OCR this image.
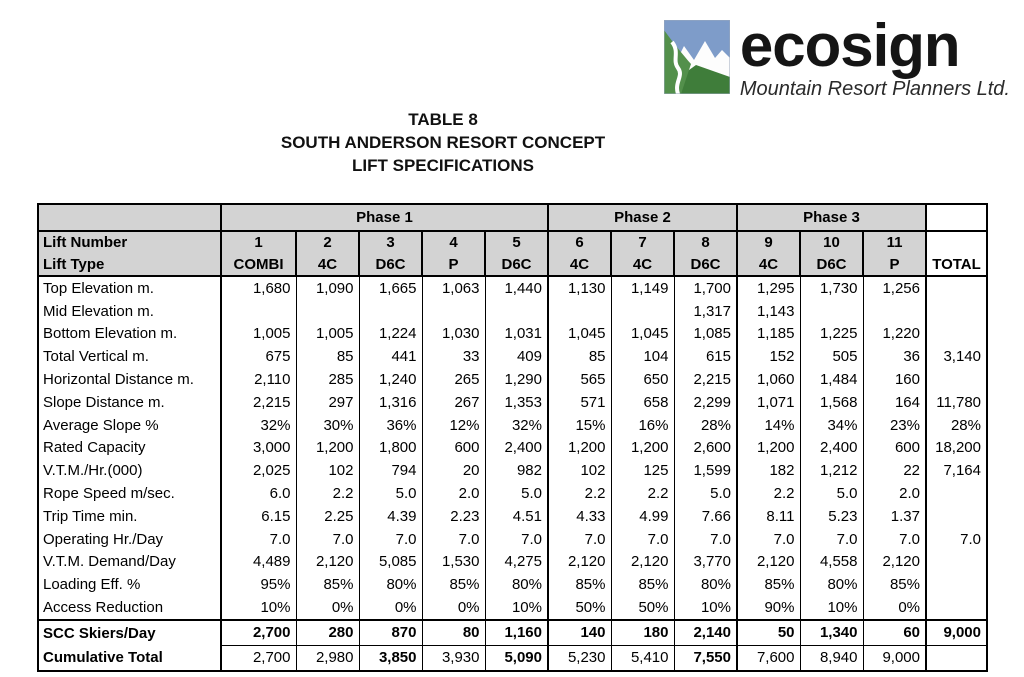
ecosign
Mountain Resort Planners Ltd.
TABLE 8
SOUTH ANDERSON RESORT CONCEPT
LIFT SPECIFICATIONS
	Phase 1					Phase 2			Phase 3			
Lift Number	1	2	3	4	5	6	7	8	9	10	11	TOTAL
Lift Type	COMBI	4C	D6C	P	D6C	4C	4C	D6C	4C	D6C	P	
Top Elevation m.	1,680	1,090	1,665	1,063	1,440	1,130	1,149	1,700	1,295	1,730	1,256	
Mid Elevation m.								1,317	1,143			
Bottom Elevation m.	1,005	1,005	1,224	1,030	1,031	1,045	1,045	1,085	1,185	1,225	1,220	
Total Vertical m.	675	85	441	33	409	85	104	615	152	505	36	3,140
Horizontal Distance m.	2,110	285	1,240	265	1,290	565	650	2,215	1,060	1,484	160	
Slope Distance m.	2,215	297	1,316	267	1,353	571	658	2,299	1,071	1,568	164	11,780
Average Slope %	32%	30%	36%	12%	32%	15%	16%	28%	14%	34%	23%	28%
Rated Capacity	3,000	1,200	1,800	600	2,400	1,200	1,200	2,600	1,200	2,400	600	18,200
V.T.M./Hr.(000)	2,025	102	794	20	982	102	125	1,599	182	1,212	22	7,164
Rope Speed m/sec.	6.0	2.2	5.0	2.0	5.0	2.2	2.2	5.0	2.2	5.0	2.0	
Trip Time min.	6.15	2.25	4.39	2.23	4.51	4.33	4.99	7.66	8.11	5.23	1.37	
Operating Hr./Day	7.0	7.0	7.0	7.0	7.0	7.0	7.0	7.0	7.0	7.0	7.0	7.0
V.T.M. Demand/Day	4,489	2,120	5,085	1,530	4,275	2,120	2,120	3,770	2,120	4,558	2,120	
Loading Eff. %	95%	85%	80%	85%	80%	85%	85%	80%	85%	80%	85%	
Access Reduction	10%	0%	0%	0%	10%	50%	50%	10%	90%	10%	0%	
SCC Skiers/Day	2,700	280	870	80	1,160	140	180	2,140	50	1,340	60	9,000
Cumulative Total	2,700	2,980	3,850	3,930	5,090	5,230	5,410	7,550	7,600	8,940	9,000	
